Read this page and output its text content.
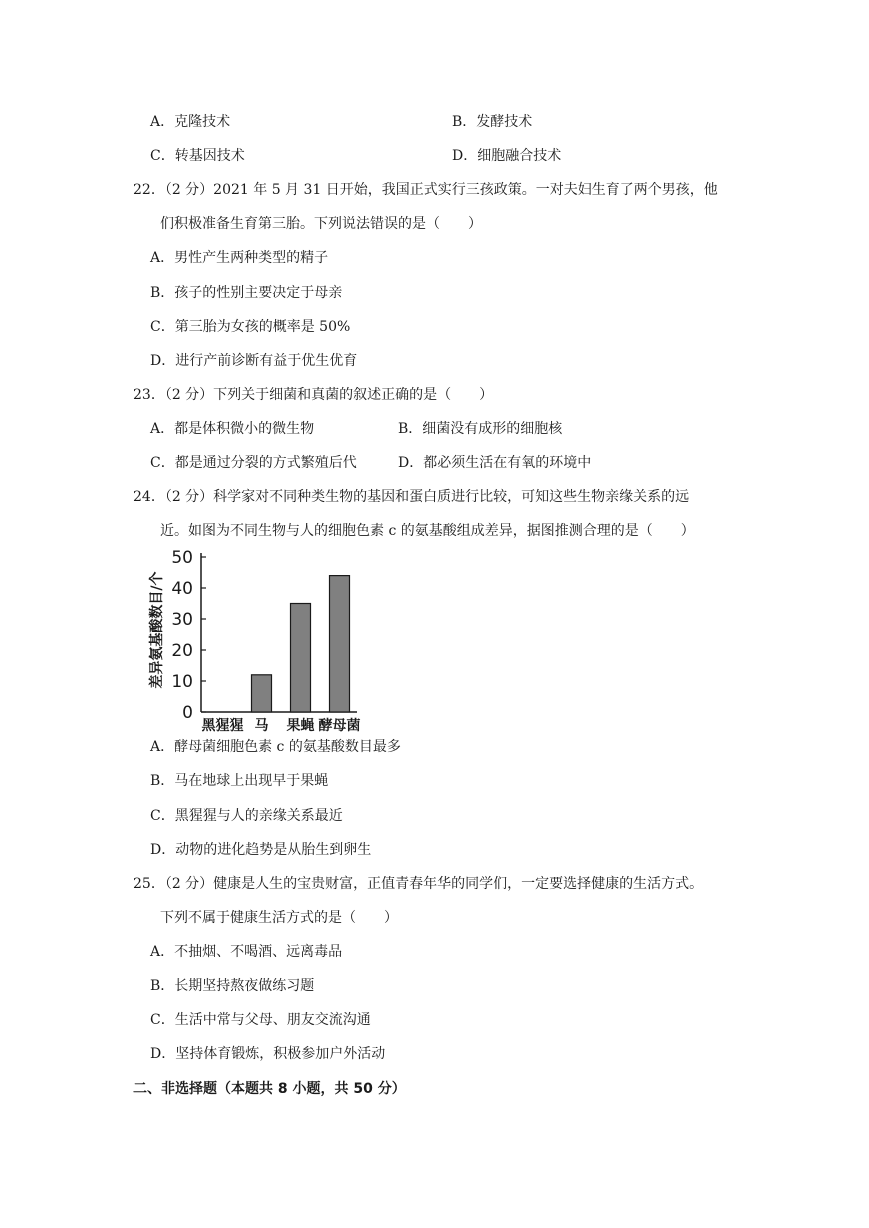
A．克隆技术	B．发酵技术
C．转基因技术	D．细胞融合技术
22．（2 分）2021 年 5 月 31 日开始，我国正式实行三孩政策。一对夫妇生育了两个男孩，他
们积极准备生育第三胎。下列说法错误的是（　　）
A．男性产生两种类型的精子
B．孩子的性别主要决定于母亲
C．第三胎为女孩的概率是 50%
D．进行产前诊断有益于优生优育
23．（2 分）下列关于细菌和真菌的叙述正确的是（　　）
A．都是体积微小的微生物	B．细菌没有成形的细胞核
C．都是通过分裂的方式繁殖后代	D．都必须生活在有氧的环境中
24．（2 分）科学家对不同种类生物的基因和蛋白质进行比较，可知这些生物亲缘关系的远
近。如图为不同生物与人的细胞色素 c 的氨基酸组成差异，据图推测合理的是（　　）
0
10
20
30
40
50
差异氨基酸数目/个
黑猩猩 马 果蝇 酵母菌
A．酵母菌细胞色素 c 的氨基酸数目最多
B．马在地球上出现早于果蝇
C．黑猩猩与人的亲缘关系最近
D．动物的进化趋势是从胎生到卵生
25．（2 分）健康是人生的宝贵财富，正值青春年华的同学们，一定要选择健康的生活方式。
下列不属于健康生活方式的是（　　）
A．不抽烟、不喝酒、远离毒品
B．长期坚持熬夜做练习题
C．生活中常与父母、朋友交流沟通
D．坚持体育锻炼，积极参加户外活动
二、非选择题（本题共 8 小题，共 50 分）
